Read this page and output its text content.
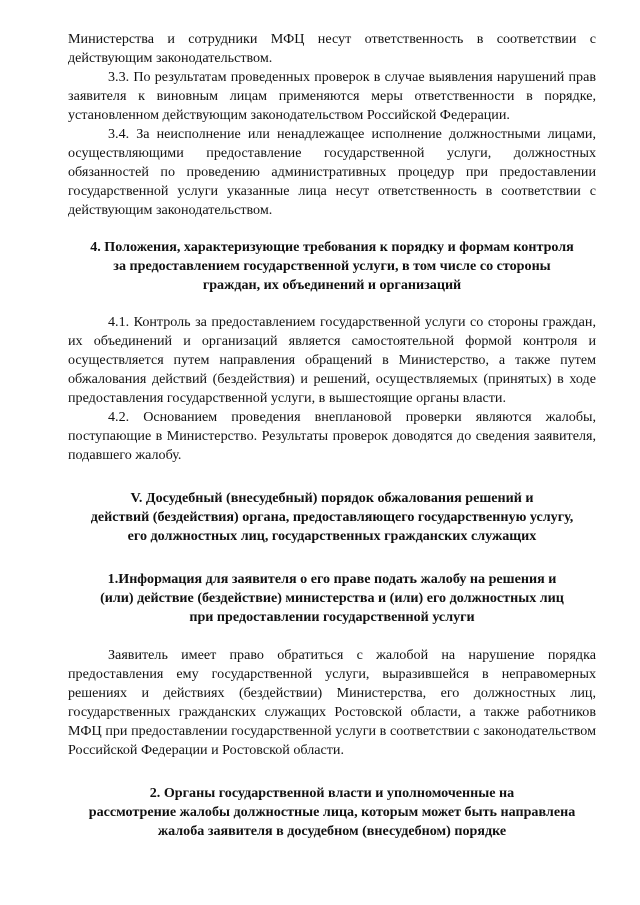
Министерства и сотрудники МФЦ несут ответственность в соответствии с действующим законодательством.

3.3. По результатам проведенных проверок в случае выявления нарушений прав заявителя к виновным лицам применяются меры ответственности в порядке, установленном действующим законодательством Российской Федерации.

3.4. За неисполнение или ненадлежащее исполнение должностными лицами, осуществляющими предоставление государственной услуги, должностных обязанностей по проведению административных процедур при предоставлении государственной услуги указанные лица несут ответственность в соответствии с действующим законодательством.

4. Положения, характеризующие требования к порядку и формам контроля
за предоставлением государственной услуги, в том числе со стороны
граждан, их объединений и организаций

4.1. Контроль за предоставлением государственной услуги со стороны граждан, их объединений и организаций является самостоятельной формой контроля и осуществляется путем направления обращений в Министерство, а также путем обжалования действий (бездействия) и решений, осуществляемых (принятых) в ходе предоставления государственной услуги, в вышестоящие органы власти.

4.2. Основанием проведения внеплановой проверки являются жалобы, поступающие в Министерство. Результаты проверок доводятся до сведения заявителя, подавшего жалобу.

V. Досудебный (внесудебный) порядок обжалования решений и
действий (бездействия) органа, предоставляющего государственную услугу,
его должностных лиц, государственных гражданских служащих
1.Информация для заявителя о его праве подать жалобу на решения и
(или) действие (бездействие) министерства и (или) его должностных лиц
при предоставлении государственной услуги

Заявитель имеет право обратиться с жалобой на нарушение порядка предоставления ему государственной услуги, выразившейся в неправомерных решениях и действиях (бездействии) Министерства, его должностных лиц, государственных гражданских служащих Ростовской области, а также работников МФЦ при предоставлении государственной услуги в соответствии с законодательством Российской Федерации и Ростовской области.

2. Органы государственной власти и уполномоченные на
рассмотрение жалобы должностные лица, которым может быть направлена
жалоба заявителя в досудебном (внесудебном) порядке
